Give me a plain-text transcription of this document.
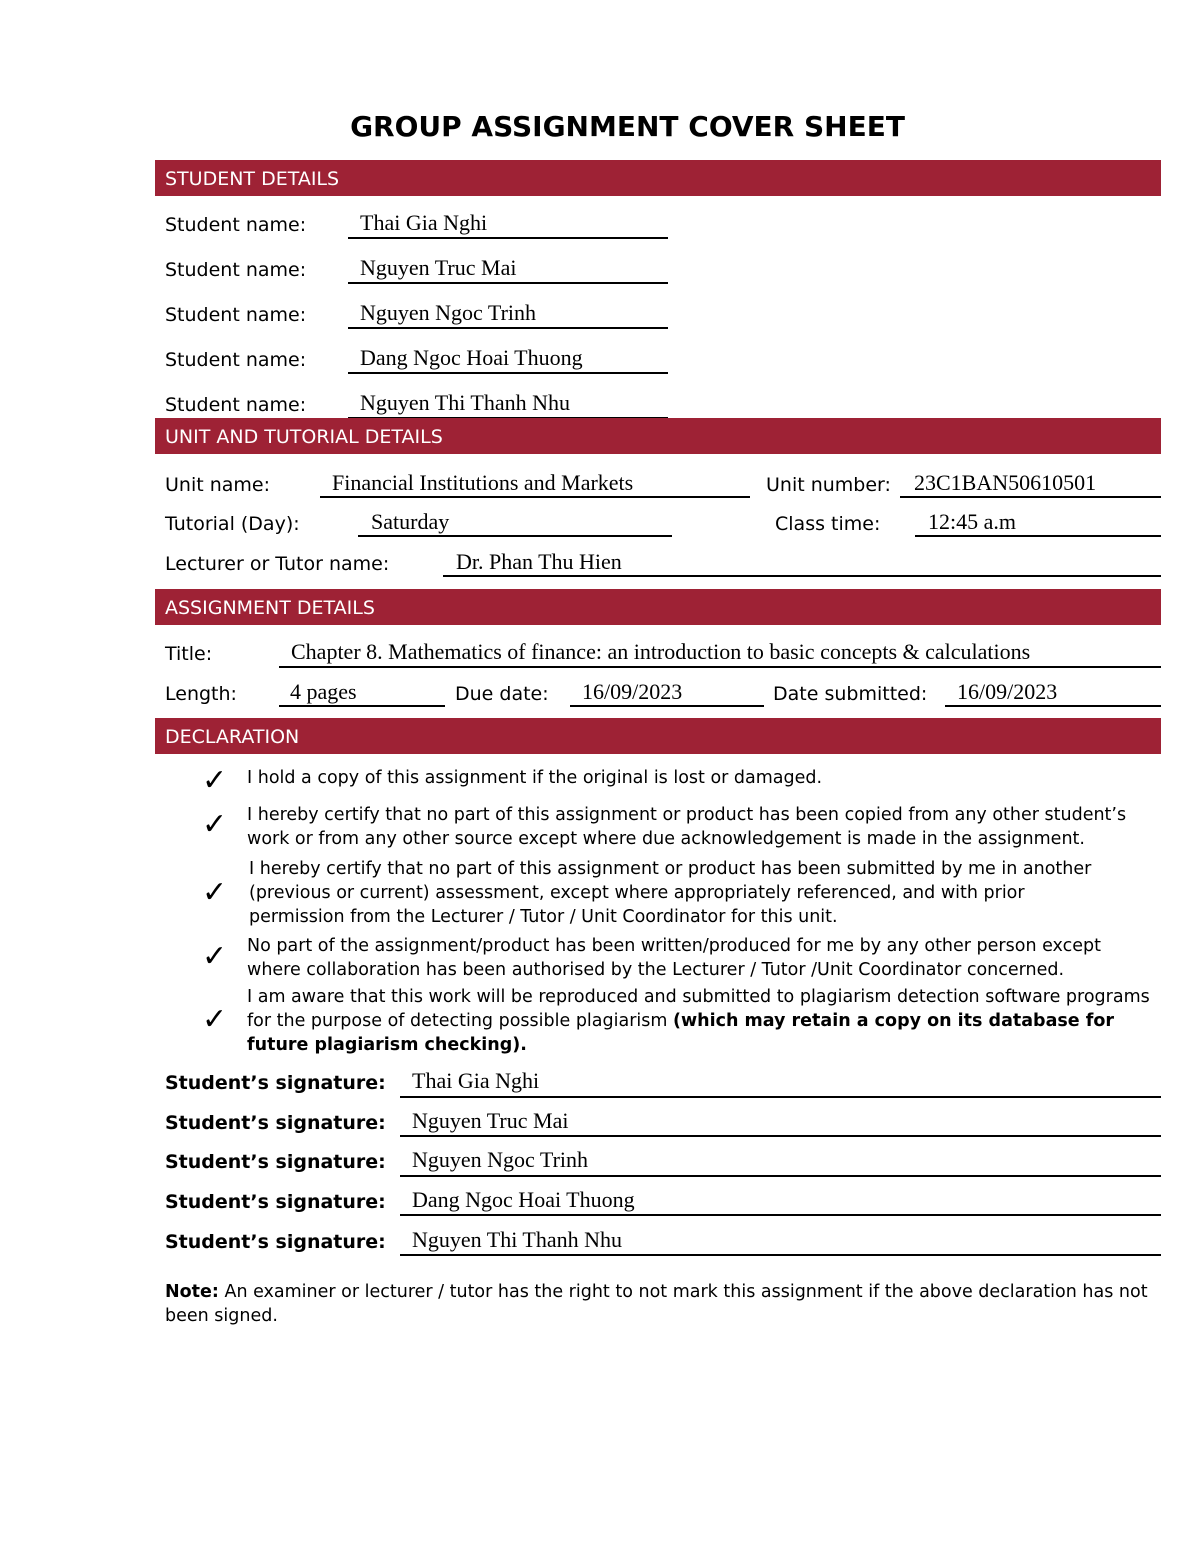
GROUP ASSIGNMENT COVER SHEET
STUDENT DETAILS
Student name: Thai Gia Nghi
Student name: Nguyen Truc Mai
Student name: Nguyen Ngoc Trinh
Student name: Dang Ngoc Hoai Thuong
Student name: Nguyen Thi Thanh Nhu
UNIT AND TUTORIAL DETAILS
Unit name:	Financial Institutions and Markets	Unit number: 23C1BAN50610501
Tutorial (Day):	Saturday	Class time: 12:45 a.m
Lecturer or Tutor name:	Dr. Phan Thu Hien
ASSIGNMENT DETAILS
Title:	Chapter 8. Mathematics of finance: an introduction to basic concepts & calculations
Length: 4 pages	Due date: 16/09/2023	Date submitted: 16/09/2023
DECLARATION
✓ I hold a copy of this assignment if the original is lost or damaged.
✓ I hereby certify that no part of this assignment or product has been copied from any other student’s
work or from any other source except where due acknowledgement is made in the assignment.
✓
I hereby certify that no part of this assignment or product has been submitted by me in another
(previous or current) assessment, except where appropriately referenced, and with prior
permission from the Lecturer / Tutor / Unit Coordinator for this unit.
✓ No part of the assignment/product has been written/produced for me by any other person except
where collaboration has been authorised by the Lecturer / Tutor /Unit Coordinator concerned.
✓
I am aware that this work will be reproduced and submitted to plagiarism detection software programs
for the purpose of detecting possible plagiarism (which may retain a copy on its database for
future plagiarism checking).
Student’s signature: Thai Gia Nghi
Student’s signature: Nguyen Truc Mai
Student’s signature: Nguyen Ngoc Trinh
Student’s signature: Dang Ngoc Hoai Thuong
Student’s signature: Nguyen Thi Thanh Nhu
Note: An examiner or lecturer / tutor has the right to not mark this assignment if the above declaration has not been signed.
